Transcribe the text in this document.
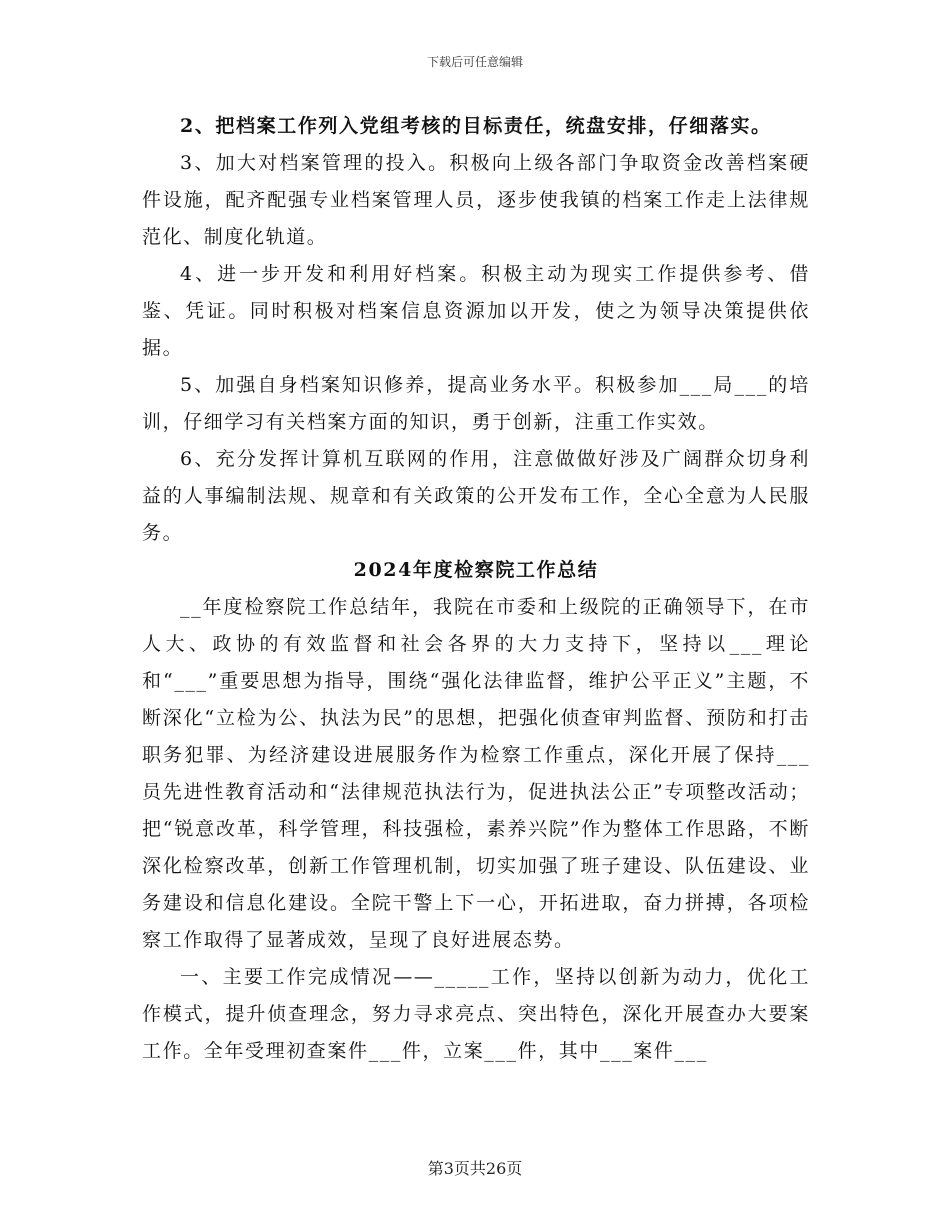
下载后可任意编辑

2、把档案工作列入党组考核的目标责任，统盘安排，仔细落实。

3、加大对档案管理的投入。积极向上级各部门争取资金改善档案硬件设施，配齐配强专业档案管理人员，逐步使我镇的档案工作走上法律规范化、制度化轨道。

4、进一步开发和利用好档案。积极主动为现实工作提供参考、借鉴、凭证。同时积极对档案信息资源加以开发，使之为领导决策提供依据。

5、加强自身档案知识修养，提高业务水平。积极参加___局___的培训，仔细学习有关档案方面的知识，勇于创新，注重工作实效。

6、充分发挥计算机互联网的作用，注意做做好涉及广阔群众切身利益的人事编制法规、规章和有关政策的公开发布工作，全心全意为人民服务。

2024年度检察院工作总结

__年度检察院工作总结年，我院在市委和上级院的正确领导下，在市人大、政协的有效监督和社会各界的大力支持下，坚持以___理论和“___”重要思想为指导，围绕“强化法律监督，维护公平正义”主题，不断深化“立检为公、执法为民”的思想，把强化侦查审判监督、预防和打击职务犯罪、为经济建设进展服务作为检察工作重点，深化开展了保持___员先进性教育活动和“法律规范执法行为，促进执法公正”专项整改活动；把“锐意改革，科学管理，科技强检，素养兴院”作为整体工作思路，不断深化检察改革，创新工作管理机制，切实加强了班子建设、队伍建设、业务建设和信息化建设。全院干警上下一心，开拓进取，奋力拼搏，各项检察工作取得了显著成效，呈现了良好进展态势。

一、主要工作完成情况——_____工作，坚持以创新为动力，优化工作模式，提升侦查理念，努力寻求亮点、突出特色，深化开展查办大要案工作。全年受理初查案件___件，立案___件，其中___案件___

第3页共26页
